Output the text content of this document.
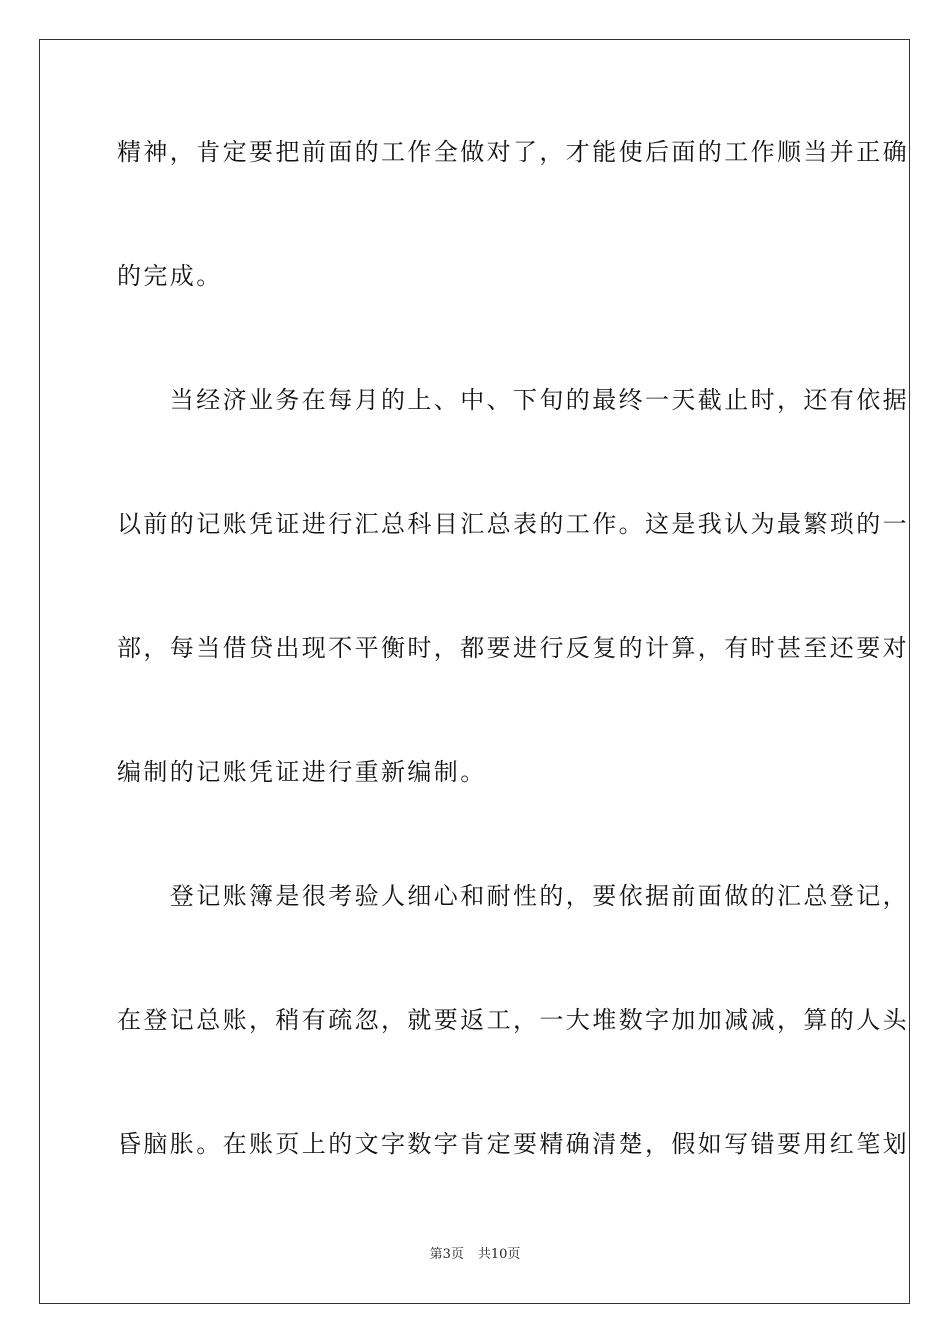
精神，肯定要把前面的工作全做对了，才能使后面的工作顺当并正确
的完成。
　　当经济业务在每月的上、中、下旬的最终一天截止时，还有依据
以前的记账凭证进行汇总科目汇总表的工作。这是我认为最繁琐的一
部，每当借贷出现不平衡时，都要进行反复的计算，有时甚至还要对
编制的记账凭证进行重新编制。
　　登记账簿是很考验人细心和耐性的，要依据前面做的汇总登记，
在登记总账，稍有疏忽，就要返工，一大堆数字加加减减，算的人头
昏脑胀。在账页上的文字数字肯定要精确清楚，假如写错要用红笔划
第3页 共10页
